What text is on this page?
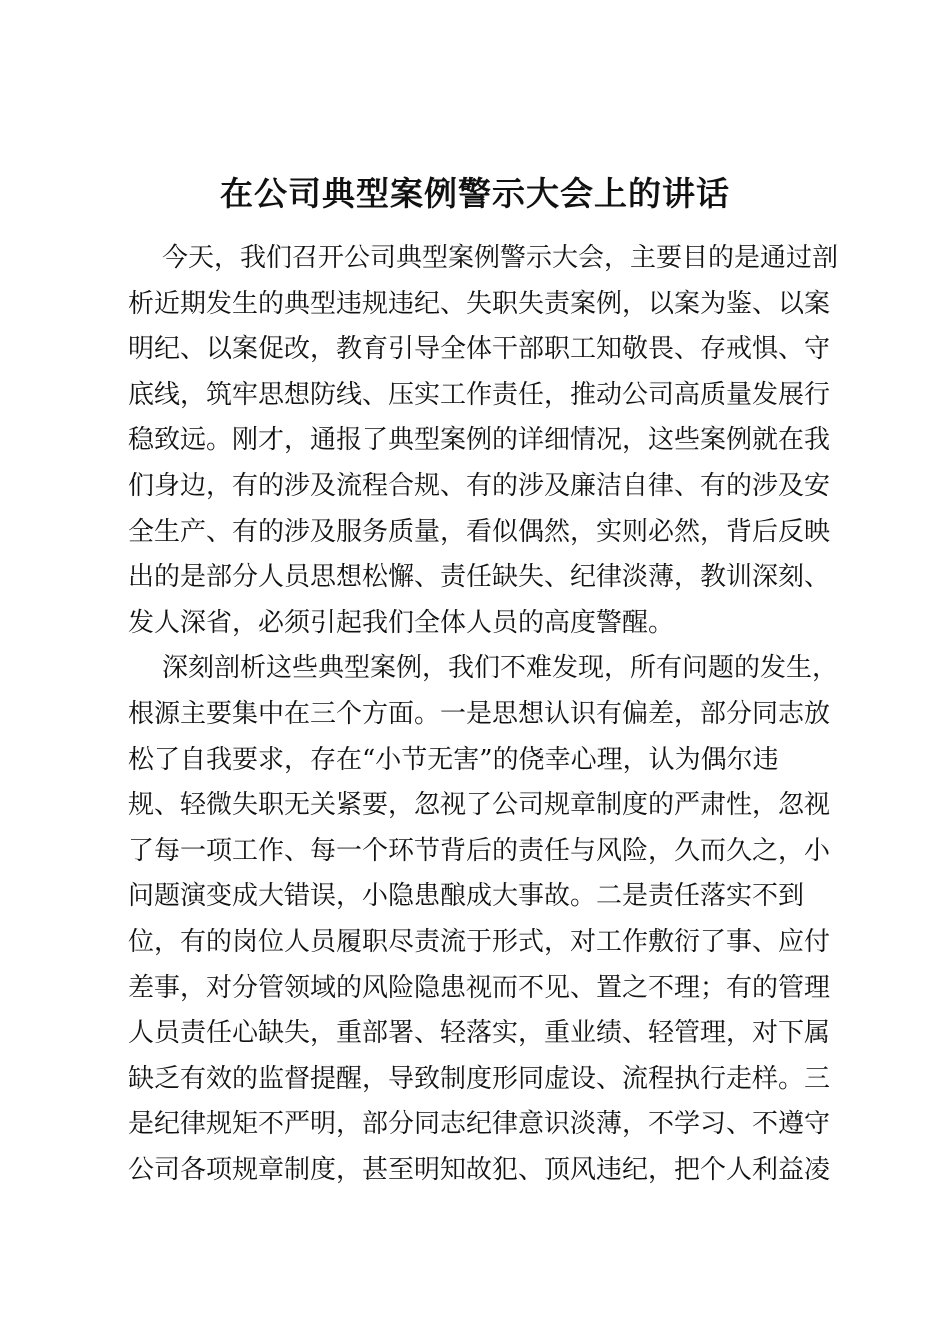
在公司典型案例警示大会上的讲话
今天，我们召开公司典型案例警示大会，主要目的是通过剖
析近期发生的典型违规违纪、失职失责案例，以案为鉴、以案
明纪、以案促改，教育引导全体干部职工知敬畏、存戒惧、守
底线，筑牢思想防线、压实工作责任，推动公司高质量发展行
稳致远。刚才，通报了典型案例的详细情况，这些案例就在我
们身边，有的涉及流程合规、有的涉及廉洁自律、有的涉及安
全生产、有的涉及服务质量，看似偶然，实则必然，背后反映
出的是部分人员思想松懈、责任缺失、纪律淡薄，教训深刻、
发人深省，必须引起我们全体人员的高度警醒。
深刻剖析这些典型案例，我们不难发现，所有问题的发生，
根源主要集中在三个方面。一是思想认识有偏差，部分同志放
松了自我要求，存在“小节无害”的侥幸心理，认为偶尔违
规、轻微失职无关紧要，忽视了公司规章制度的严肃性，忽视
了每一项工作、每一个环节背后的责任与风险，久而久之，小
问题演变成大错误，小隐患酿成大事故。二是责任落实不到
位，有的岗位人员履职尽责流于形式，对工作敷衍了事、应付
差事，对分管领域的风险隐患视而不见、置之不理；有的管理
人员责任心缺失，重部署、轻落实，重业绩、轻管理，对下属
缺乏有效的监督提醒，导致制度形同虚设、流程执行走样。三
是纪律规矩不严明，部分同志纪律意识淡薄，不学习、不遵守
公司各项规章制度，甚至明知故犯、顶风违纪，把个人利益凌
